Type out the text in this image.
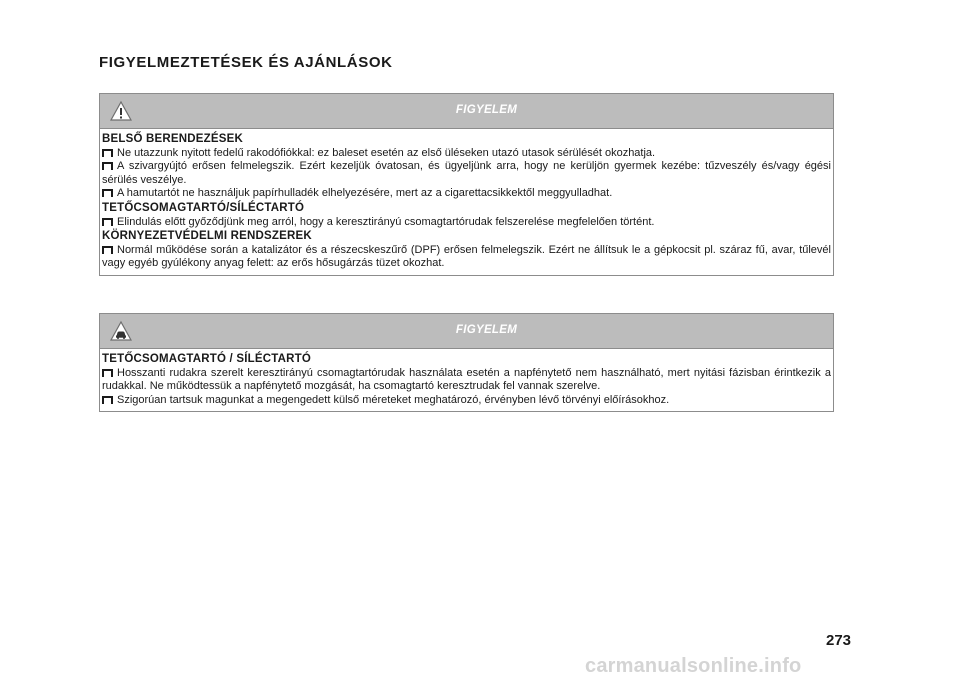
FIGYELMEZTETÉSEK ÉS AJÁNLÁSOK
FIGYELEM
BELSŐ BERENDEZÉSEK
Ne utazzunk nyitott fedelű rakodófiókkal: ez baleset esetén az első üléseken utazó utasok sérülését okozhatja.
A szivargyújtó erősen felmelegszik. Ezért kezeljük óvatosan, és ügyeljünk arra, hogy ne kerüljön gyermek kezébe: tűzveszély és/vagy égési sérülés veszélye.
A hamutartót ne használjuk papírhulladék elhelyezésére, mert az a cigarettacsikkektől meggyulladhat.
TETŐCSOMAGTARTÓ/SÍLÉCTARTÓ
Elindulás előtt győződjünk meg arról, hogy a keresztirányú csomagtartórudak felszerelése megfelelően történt.
KÖRNYEZETVÉDELMI RENDSZEREK
Normál működése során a katalizátor és a részecskeszűrő (DPF) erősen felmelegszik. Ezért ne állítsuk le a gépkocsit pl. száraz fű, avar, tűlevél vagy egyéb gyúlékony anyag felett: az erős hősugárzás tüzet okozhat.
FIGYELEM
TETŐCSOMAGTARTÓ / SÍLÉCTARTÓ
Hosszanti rudakra szerelt keresztirányú csomagtartórudak használata esetén a napfénytető nem használható, mert nyitási fázisban érintkezik a rudakkal. Ne működtessük a napfénytető mozgását, ha csomagtartó keresztrudak fel vannak szerelve.
Szigorúan tartsuk magunkat a megengedett külső méreteket meghatározó, érvényben lévő törvényi előírásokhoz.
273
carmanualsonline.info
